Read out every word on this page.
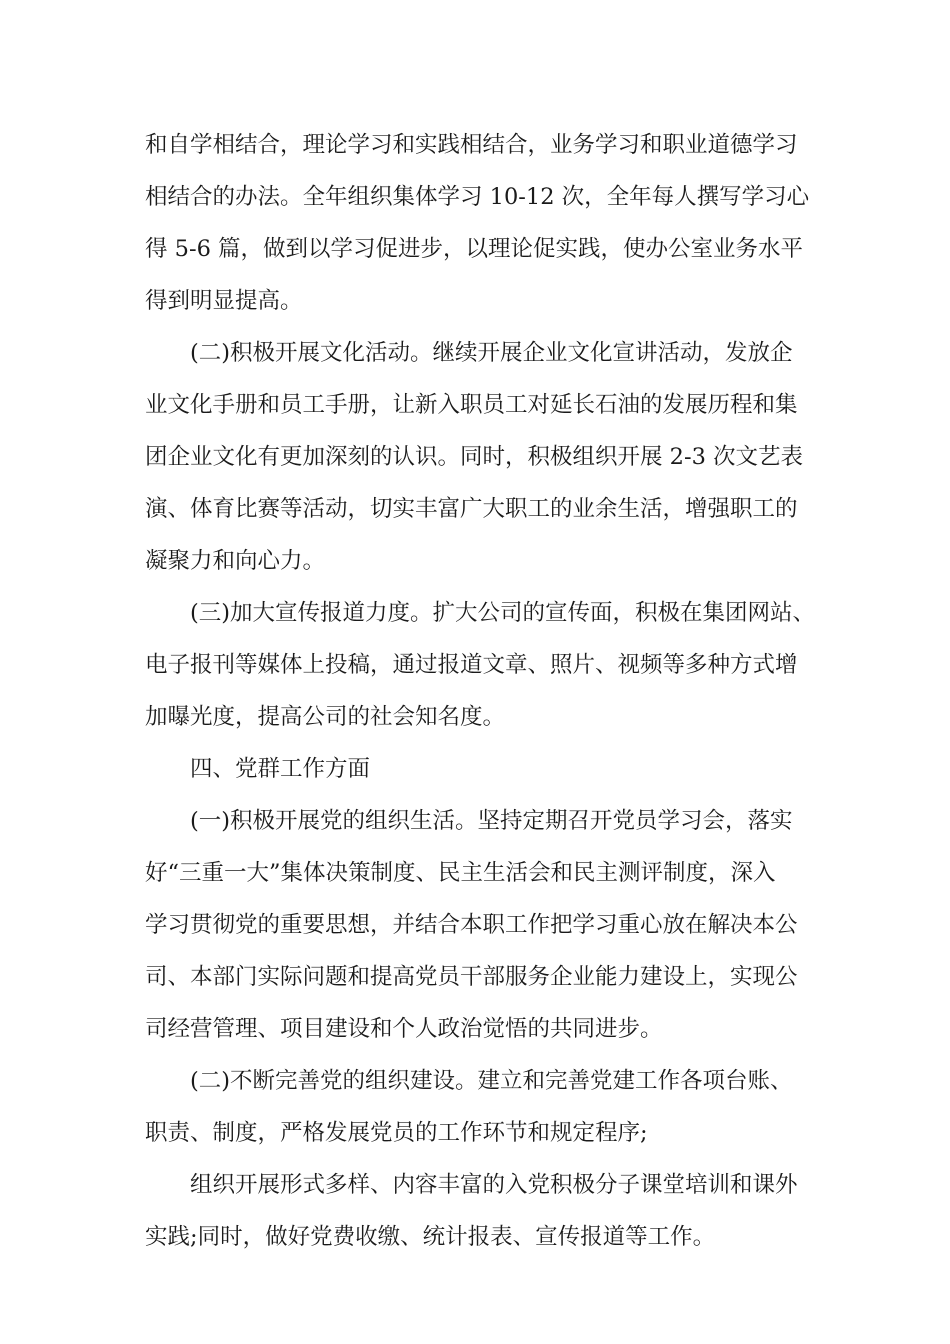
和自学相结合，理论学习和实践相结合，业务学习和职业道德学习
相结合的办法。全年组织集体学习 10-12 次，全年每人撰写学习心
得 5-6 篇，做到以学习促进步，以理论促实践，使办公室业务水平
得到明显提高。
(二)积极开展文化活动。继续开展企业文化宣讲活动，发放企
业文化手册和员工手册，让新入职员工对延长石油的发展历程和集
团企业文化有更加深刻的认识。同时，积极组织开展 2-3 次文艺表
演、体育比赛等活动，切实丰富广大职工的业余生活，增强职工的
凝聚力和向心力。
(三)加大宣传报道力度。扩大公司的宣传面，积极在集团网站、
电子报刊等媒体上投稿，通过报道文章、照片、视频等多种方式增
加曝光度，提高公司的社会知名度。
四、党群工作方面
(一)积极开展党的组织生活。坚持定期召开党员学习会，落实
好“三重一大”集体决策制度、民主生活会和民主测评制度，深入
学习贯彻党的重要思想，并结合本职工作把学习重心放在解决本公
司、本部门实际问题和提高党员干部服务企业能力建设上，实现公
司经营管理、项目建设和个人政治觉悟的共同进步。
(二)不断完善党的组织建设。建立和完善党建工作各项台账、
职责、制度，严格发展党员的工作环节和规定程序;
组织开展形式多样、内容丰富的入党积极分子课堂培训和课外
实践;同时，做好党费收缴、统计报表、宣传报道等工作。
